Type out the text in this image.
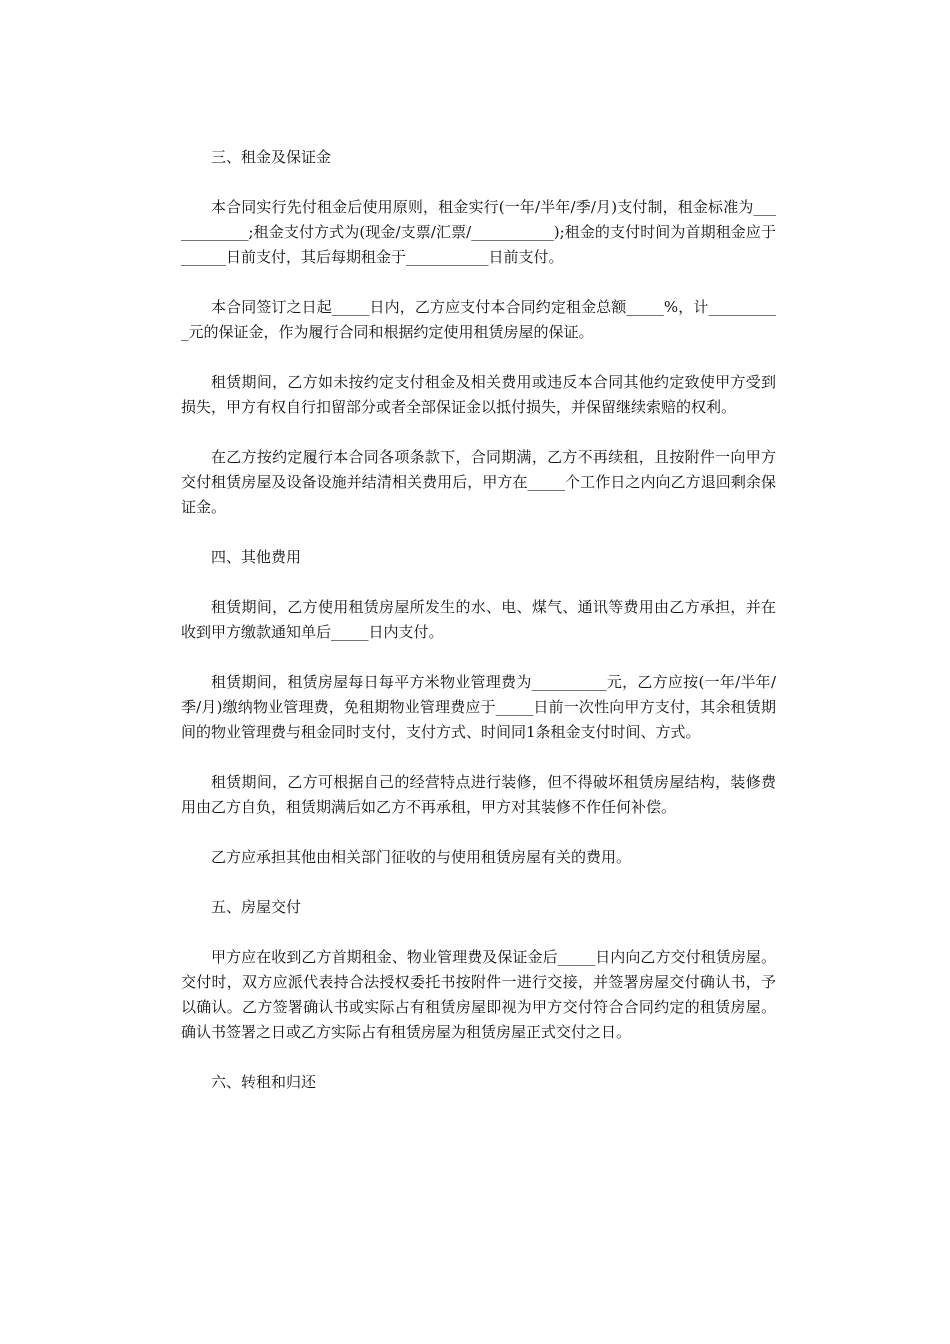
三、租金及保证金
本合同实行先付租金后使用原则，租金实行(一年/半年/季/月)支付制，租金标准为____________;租金支付方式为(现金/支票/汇票/___________);租金的支付时间为首期租金应于 ______日前支付，其后每期租金于___________日前支付。
本合同签订之日起_____日内，乙方应支付本合同约定租金总额_____%，计__________元的保证金，作为履行合同和根据约定使用租赁房屋的保证。
租赁期间，乙方如未按约定支付租金及相关费用或违反本合同其他约定致使甲方受到损失，甲方有权自行扣留部分或者全部保证金以抵付损失，并保留继续索赔的权利。
在乙方按约定履行本合同各项条款下，合同期满，乙方不再续租，且按附件一向甲方交付租赁房屋及设备设施并结清相关费用后，甲方在_____个工作日之内向乙方退回剩余保证金。
四、其他费用
租赁期间，乙方使用租赁房屋所发生的水、电、煤气、通讯等费用由乙方承担，并在收到甲方缴款通知单后_____日内支付。
租赁期间，租赁房屋每日每平方米物业管理费为__________元，乙方应按(一年/半年/季/月)缴纳物业管理费，免租期物业管理费应于_____日前一次性向甲方支付，其余租赁期间的物业管理费与租金同时支付，支付方式、时间同1条租金支付时间、方式。
租赁期间，乙方可根据自己的经营特点进行装修，但不得破坏租赁房屋结构，装修费用由乙方自负，租赁期满后如乙方不再承租，甲方对其装修不作任何补偿。
乙方应承担其他由相关部门征收的与使用租赁房屋有关的费用。
五、房屋交付
甲方应在收到乙方首期租金、物业管理费及保证金后_____日内向乙方交付租赁房屋。交付时，双方应派代表持合法授权委托书按附件一进行交接，并签署房屋交付确认书，予以确认。乙方签署确认书或实际占有租赁房屋即视为甲方交付符合合同约定的租赁房屋。确认书签署之日或乙方实际占有租赁房屋为租赁房屋正式交付之日。
六、转租和归还
